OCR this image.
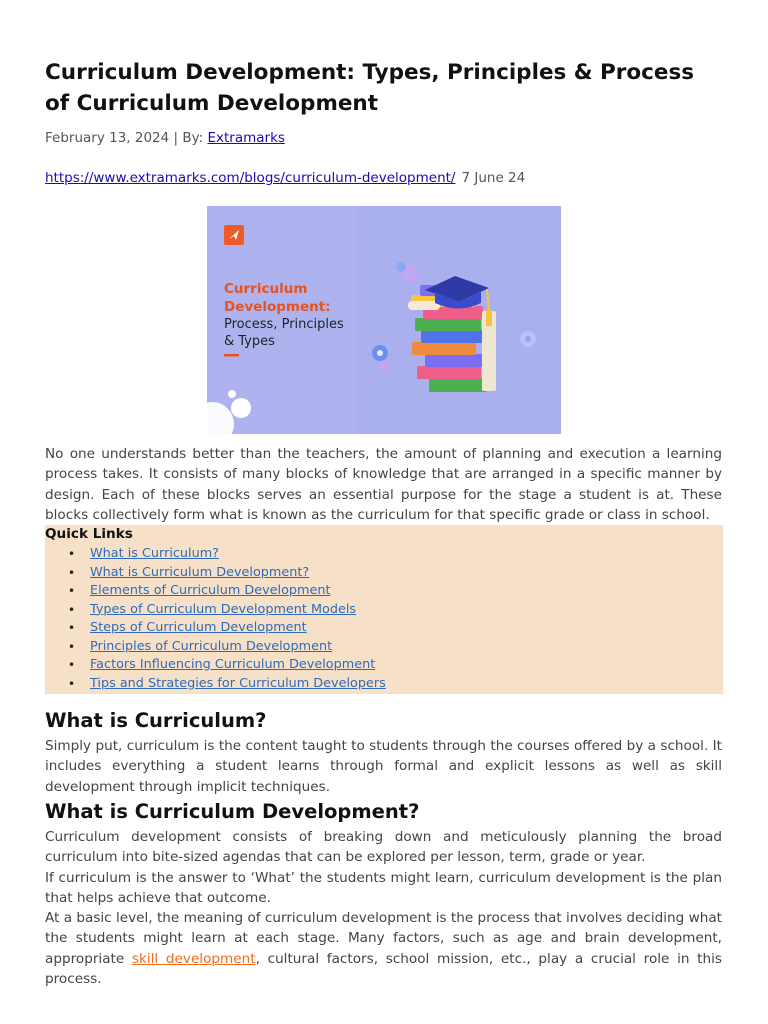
Curriculum Development: Types, Principles & Process of Curriculum Development
February 13, 2024 | By: Extramarks
https://www.extramarks.com/blogs/curriculum-development/ 7 June 24
Curriculum
Development:
Process, Principles
& Types

No one understands better than the teachers, the amount of planning and execution a learning process takes. It consists of many blocks of knowledge that are arranged in a specific manner by design. Each of these blocks serves an essential purpose for the stage a student is at. These blocks collectively form what is known as the curriculum for that specific grade or class in school.

Quick Links
• What is Curriculum?
• What is Curriculum Development?
• Elements of Curriculum Development
• Types of Curriculum Development Models
• Steps of Curriculum Development
• Principles of Curriculum Development
• Factors Influencing Curriculum Development
• Tips and Strategies for Curriculum Developers
What is Curriculum?

Simply put, curriculum is the content taught to students through the courses offered by a school. It includes everything a student learns through formal and explicit lessons as well as skill development through implicit techniques.

What is Curriculum Development?

Curriculum development consists of breaking down and meticulously planning the broad curriculum into bite-sized agendas that can be explored per lesson, term, grade or year.

If curriculum is the answer to ‘What’ the students might learn, curriculum development is the plan that helps achieve that outcome.

At a basic level, the meaning of curriculum development is the process that involves deciding what the students might learn at each stage. Many factors, such as age and brain development, appropriate skill development, cultural factors, school mission, etc., play a crucial role in this process.
